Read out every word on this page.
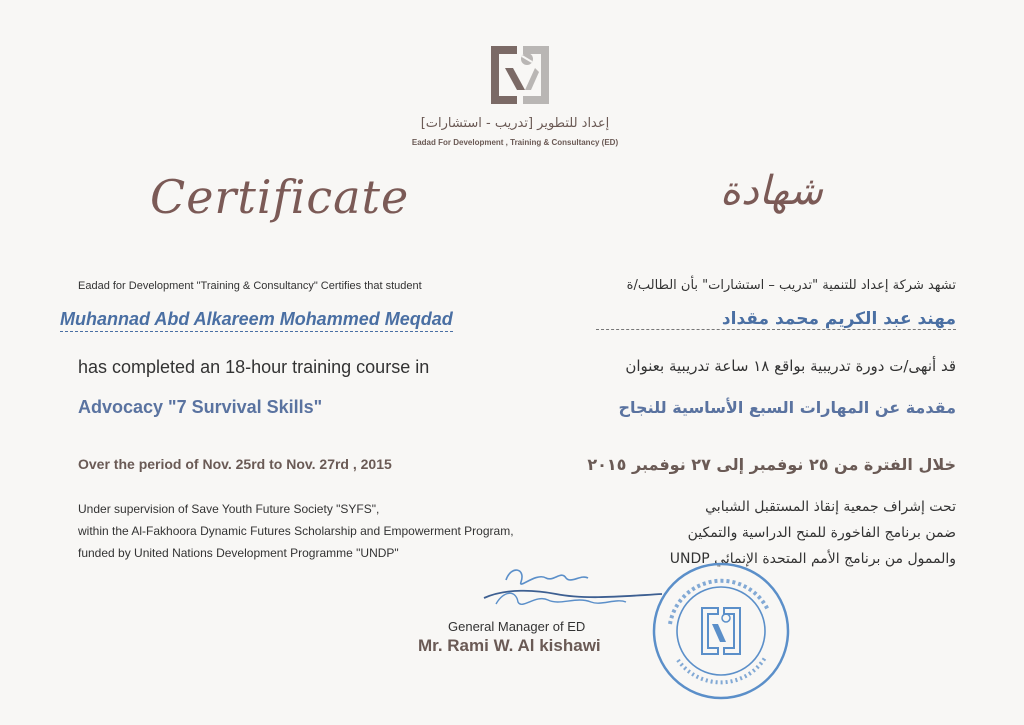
إعداد للتطوير [تدريب - استشارات]
Eadad For Development , Training & Consultancy (ED)
Certificate	شهادة
Eadad for Development "Training & Consultancy" Certifies that student
Muhannad Abd Alkareem Mohammed Meqdad
has completed an 18-hour training course in
Advocacy "7 Survival Skills"
Over the period of Nov. 25rd to Nov. 27rd , 2015
Under supervision of Save Youth Future Society "SYFS",
within the Al-Fakhoora Dynamic Futures Scholarship and Empowerment Program,
funded by United Nations Development Programme "UNDP"
تشهد شركة إعداد للتنمية "تدريب – استشارات" بأن الطالب/ة
مهند عبد الكريم محمد مقداد
قد أنهى/ت دورة تدريبية بواقع ١٨ ساعة تدريبية بعنوان
مقدمة عن المهارات السبع الأساسية للنجاح
خلال الفترة من ٢٥ نوفمبر إلى ٢٧ نوفمبر ٢٠١٥
تحت إشراف جمعية إنقاذ المستقبل الشبابي
ضمن برنامج الفاخورة للمنح الدراسية والتمكين
والممول من برنامج الأمم المتحدة الإنمائي UNDP
General Manager of ED
Mr. Rami W. Al kishawi
